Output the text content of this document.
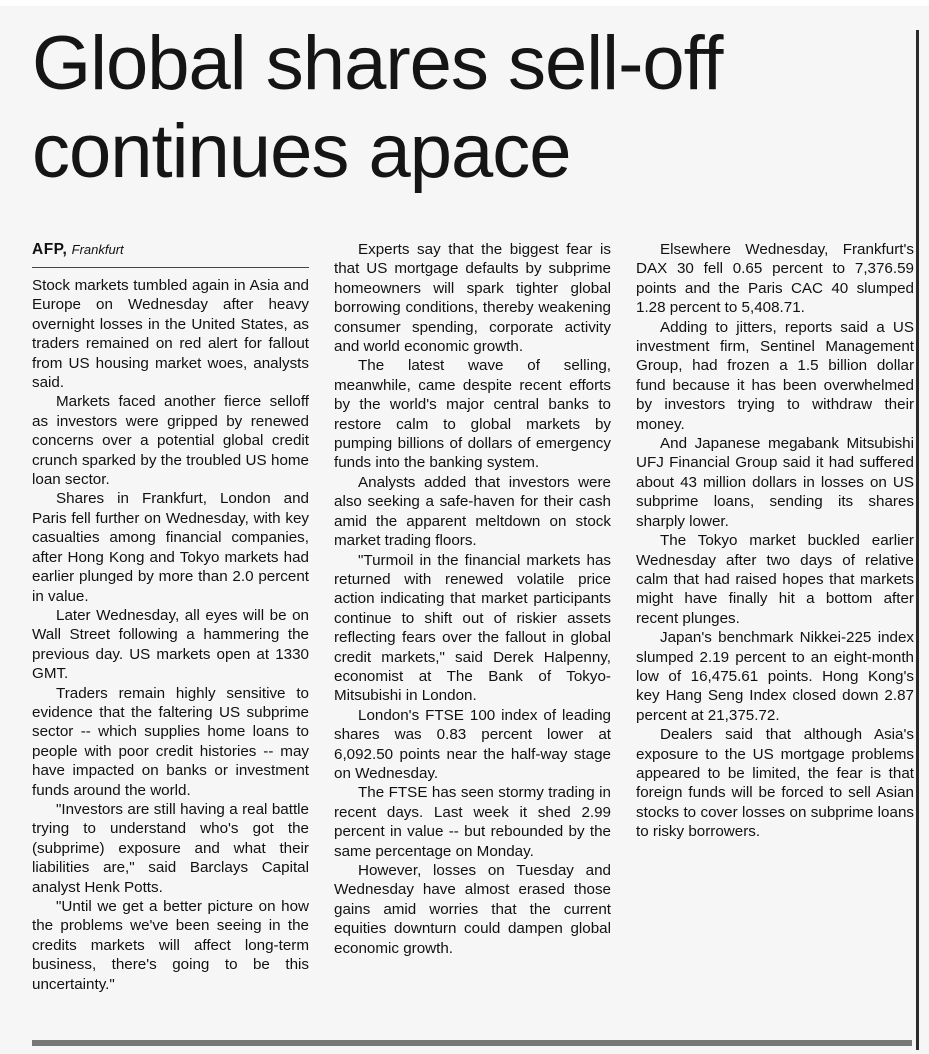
Global shares sell-off
continues apace
AFP, Frankfurt

Stock markets tumbled again in Asia and Europe on Wednesday after heavy overnight losses in the United States, as traders remained on red alert for fallout from US housing market woes, analysts said.

Markets faced another fierce selloff as investors were gripped by renewed concerns over a potential global credit crunch sparked by the troubled US home loan sector.

Shares in Frankfurt, London and Paris fell further on Wednesday, with key casualties among financial companies, after Hong Kong and Tokyo markets had earlier plunged by more than 2.0 percent in value.

Later Wednesday, all eyes will be on Wall Street following a hammering the previous day. US markets open at 1330 GMT.

Traders remain highly sensitive to evidence that the faltering US subprime sector -- which supplies home loans to people with poor credit histories -- may have impacted on banks or investment funds around the world.

"Investors are still having a real battle trying to understand who's got the (subprime) exposure and what their liabilities are," said Barclays Capital analyst Henk Potts.

"Until we get a better picture on how the problems we've been seeing in the credits markets will affect long-term business, there's going to be this uncertainty."

Experts say that the biggest fear is that US mortgage defaults by subprime homeowners will spark tighter global borrowing conditions, thereby weakening consumer spending, corporate activity and world economic growth.

The latest wave of selling, meanwhile, came despite recent efforts by the world's major central banks to restore calm to global markets by pumping billions of dollars of emergency funds into the banking system.

Analysts added that investors were also seeking a safe-haven for their cash amid the apparent meltdown on stock market trading floors.

"Turmoil in the financial markets has returned with renewed volatile price action indicating that market participants continue to shift out of riskier assets reflecting fears over the fallout in global credit markets," said Derek Halpenny, economist at The Bank of Tokyo-Mitsubishi in London.

London's FTSE 100 index of leading shares was 0.83 percent lower at 6,092.50 points near the half-way stage on Wednesday.

The FTSE has seen stormy trading in recent days. Last week it shed 2.99 percent in value -- but rebounded by the same percentage on Monday.

However, losses on Tuesday and Wednesday have almost erased those gains amid worries that the current equities downturn could dampen global economic growth.

Elsewhere Wednesday, Frankfurt's DAX 30 fell 0.65 percent to 7,376.59 points and the Paris CAC 40 slumped 1.28 percent to 5,408.71.

Adding to jitters, reports said a US investment firm, Sentinel Management Group, had frozen a 1.5 billion dollar fund because it has been overwhelmed by investors trying to withdraw their money.

And Japanese megabank Mitsubishi UFJ Financial Group said it had suffered about 43 million dollars in losses on US subprime loans, sending its shares sharply lower.

The Tokyo market buckled earlier Wednesday after two days of relative calm that had raised hopes that markets might have finally hit a bottom after recent plunges.

Japan's benchmark Nikkei-225 index slumped 2.19 percent to an eight-month low of 16,475.61 points. Hong Kong's key Hang Seng Index closed down 2.87 percent at 21,375.72.

Dealers said that although Asia's exposure to the US mortgage problems appeared to be limited, the fear is that foreign funds will be forced to sell Asian stocks to cover losses on subprime loans to risky borrowers.
